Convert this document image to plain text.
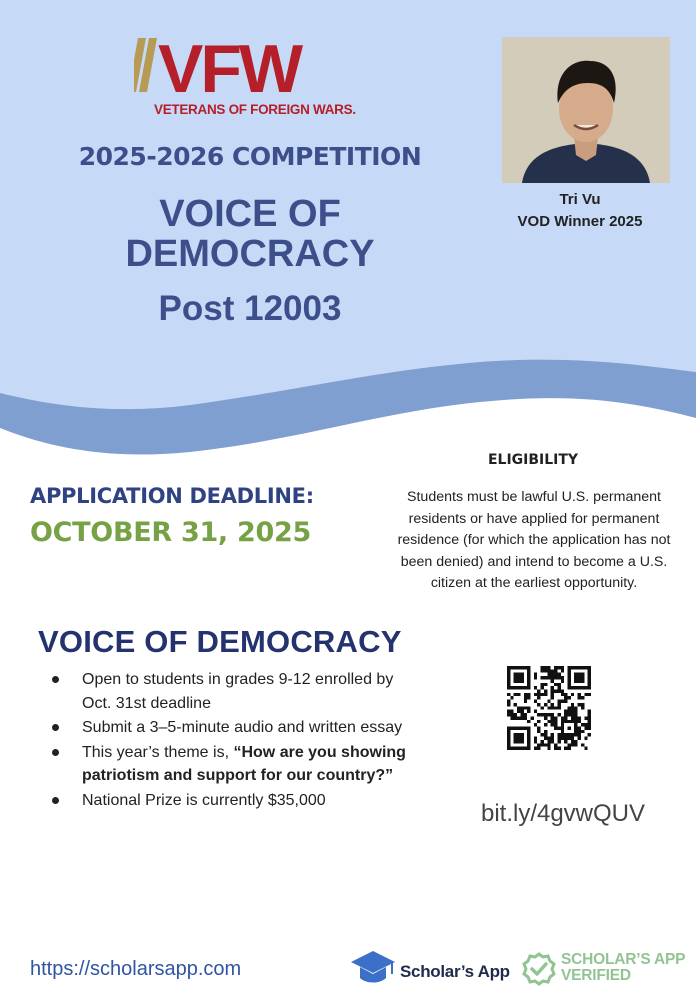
VFW
VETERANS OF FOREIGN WARS.
2025-2026 COMPETITION
VOICE OF
DEMOCRACY
Post 12003
Tri Vu
VOD Winner 2025
APPLICATION DEADLINE:
OCTOBER 31, 2025
ELIGIBILITY
Students must be lawful U.S. permanent residents or have applied for permanent residence (for which the application has not been denied) and intend to become a U.S. citizen at the earliest opportunity.
VOICE OF DEMOCRACY
Open to students in grades 9-12 enrolled by Oct. 31st deadline
Submit a 3–5-minute audio and written essay
This year’s theme is, “How are you showing patriotism and support for our country?”
National Prize is currently $35,000	bit.ly/4gvwQUV
https://scholarsapp.com	Scholar’s App
SCHOLAR’S APP
VERIFIED
